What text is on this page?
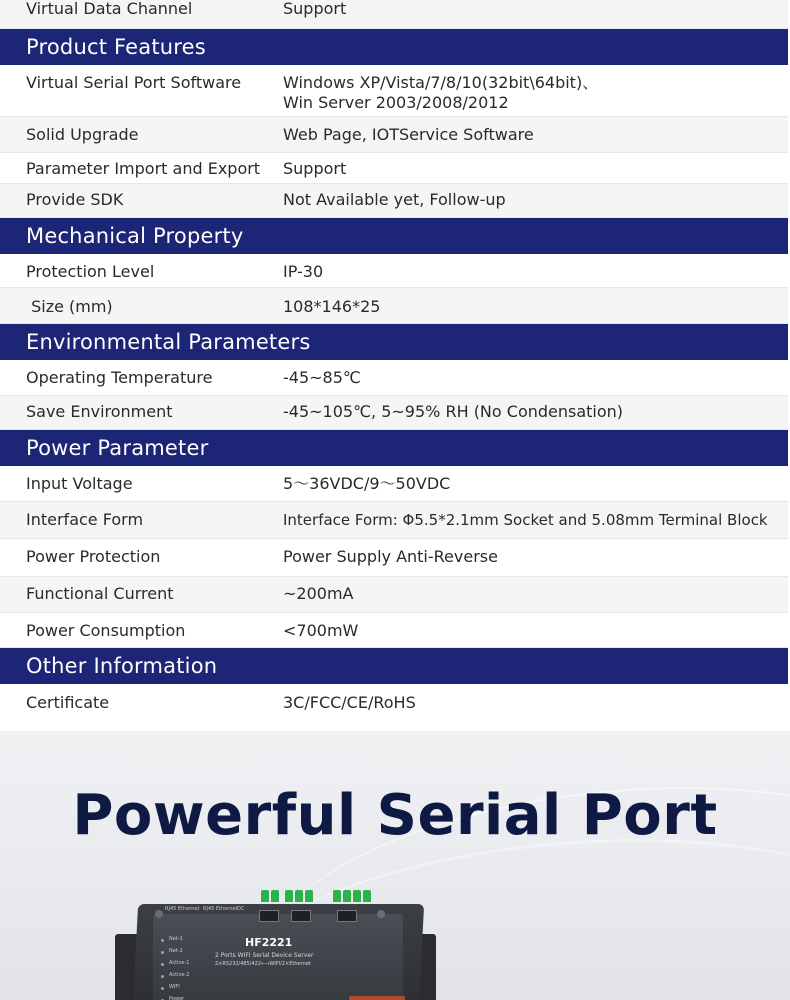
Virtual Data Channel	Support
Product Features
Virtual Serial Port Software	Windows XP/Vista/7/8/10(32bit\64bit)、
Win Server 2003/2008/2012
Solid Upgrade	Web Page, IOTService Software
Parameter Import and Export Support
Provide SDK	Not Available yet, Follow-up
Mechanical Property
Protection Level	IP-30
Size (mm)	108*146*25
Environmental Parameters
Operating Temperature	-45~85℃
Save Environment	-45~105℃, 5~95% RH (No Condensation)
Power Parameter
Input Voltage	5～36VDC/9～50VDC
Interface Form	Interface Form: Φ5.5*2.1mm Socket and 5.08mm Terminal Block
Power Protection	Power Supply Anti-Reverse
Functional Current	~200mA
Power Consumption	<700mW
Other Information
Certificate	3C/FCC/CE/RoHS
Powerful Serial Port
RJ45 Ethernet RJ45 Ethernet DC
HF2221
2 Ports WIFI Serial Device Server
2×RS232/485/422←→WIFI/2×Ethernet
Net-1
Net-2
Active-1
Active-2
WIFI
Power
